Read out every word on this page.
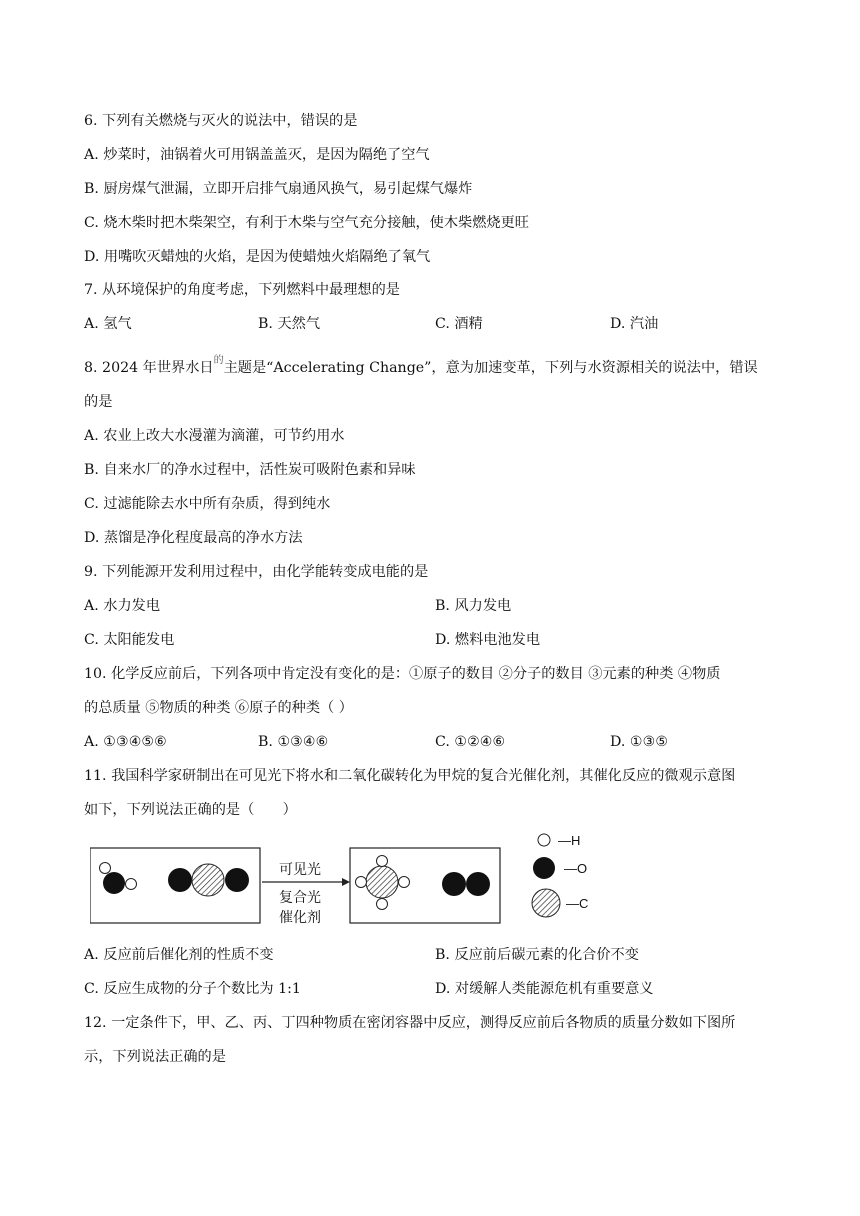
6. 下列有关燃烧与灭火的说法中，错误的是
A. 炒菜时，油锅着火可用锅盖盖灭，是因为隔绝了空气
B. 厨房煤气泄漏，立即开启排气扇通风换气，易引起煤气爆炸
C. 烧木柴时把木柴架空，有利于木柴与空气充分接触，使木柴燃烧更旺
D. 用嘴吹灭蜡烛的火焰，是因为使蜡烛火焰隔绝了氧气
7. 从环境保护的角度考虑，下列燃料中最理想的是
A. 氢气	B. 天然气	C. 酒精	D. 汽油
8. 2024 年世界水日$^的$主题是“Accelerating Change”，意为加速变革，下列与水资源相关的说法中，错误
的是
A. 农业上改大水漫灌为滴灌，可节约用水
B. 自来水厂的净水过程中，活性炭可吸附色素和异味
C. 过滤能除去水中所有杂质，得到纯水
D. 蒸馏是净化程度最高的净水方法
9. 下列能源开发利用过程中，由化学能转变成电能的是
A. 水力发电	B. 风力发电
C. 太阳能发电	D. 燃料电池发电
10. 化学反应前后，下列各项中肯定没有变化的是：①原子的数目 ②分子的数目 ③元素的种类 ④物质
的总质量 ⑤物质的种类 ⑥原子的种类（ ）
A. ①③④⑤⑥	B. ①③④⑥	C. ①②④⑥	D. ①③⑤
11. 我国科学家研制出在可见光下将水和二氧化碳转化为甲烷的复合光催化剂，其催化反应的微观示意图
如下，下列说法正确的是（　　）
可见光
复合光
催化剂
—H
—O
—C
A. 反应前后催化剂的性质不变	B. 反应前后碳元素的化合价不变
C. 反应生成物的分子个数比为 1:1	D. 对缓解人类能源危机有重要意义
12. 一定条件下，甲、乙、丙、丁四种物质在密闭容器中反应，测得反应前后各物质的质量分数如下图所
示，下列说法正确的是
